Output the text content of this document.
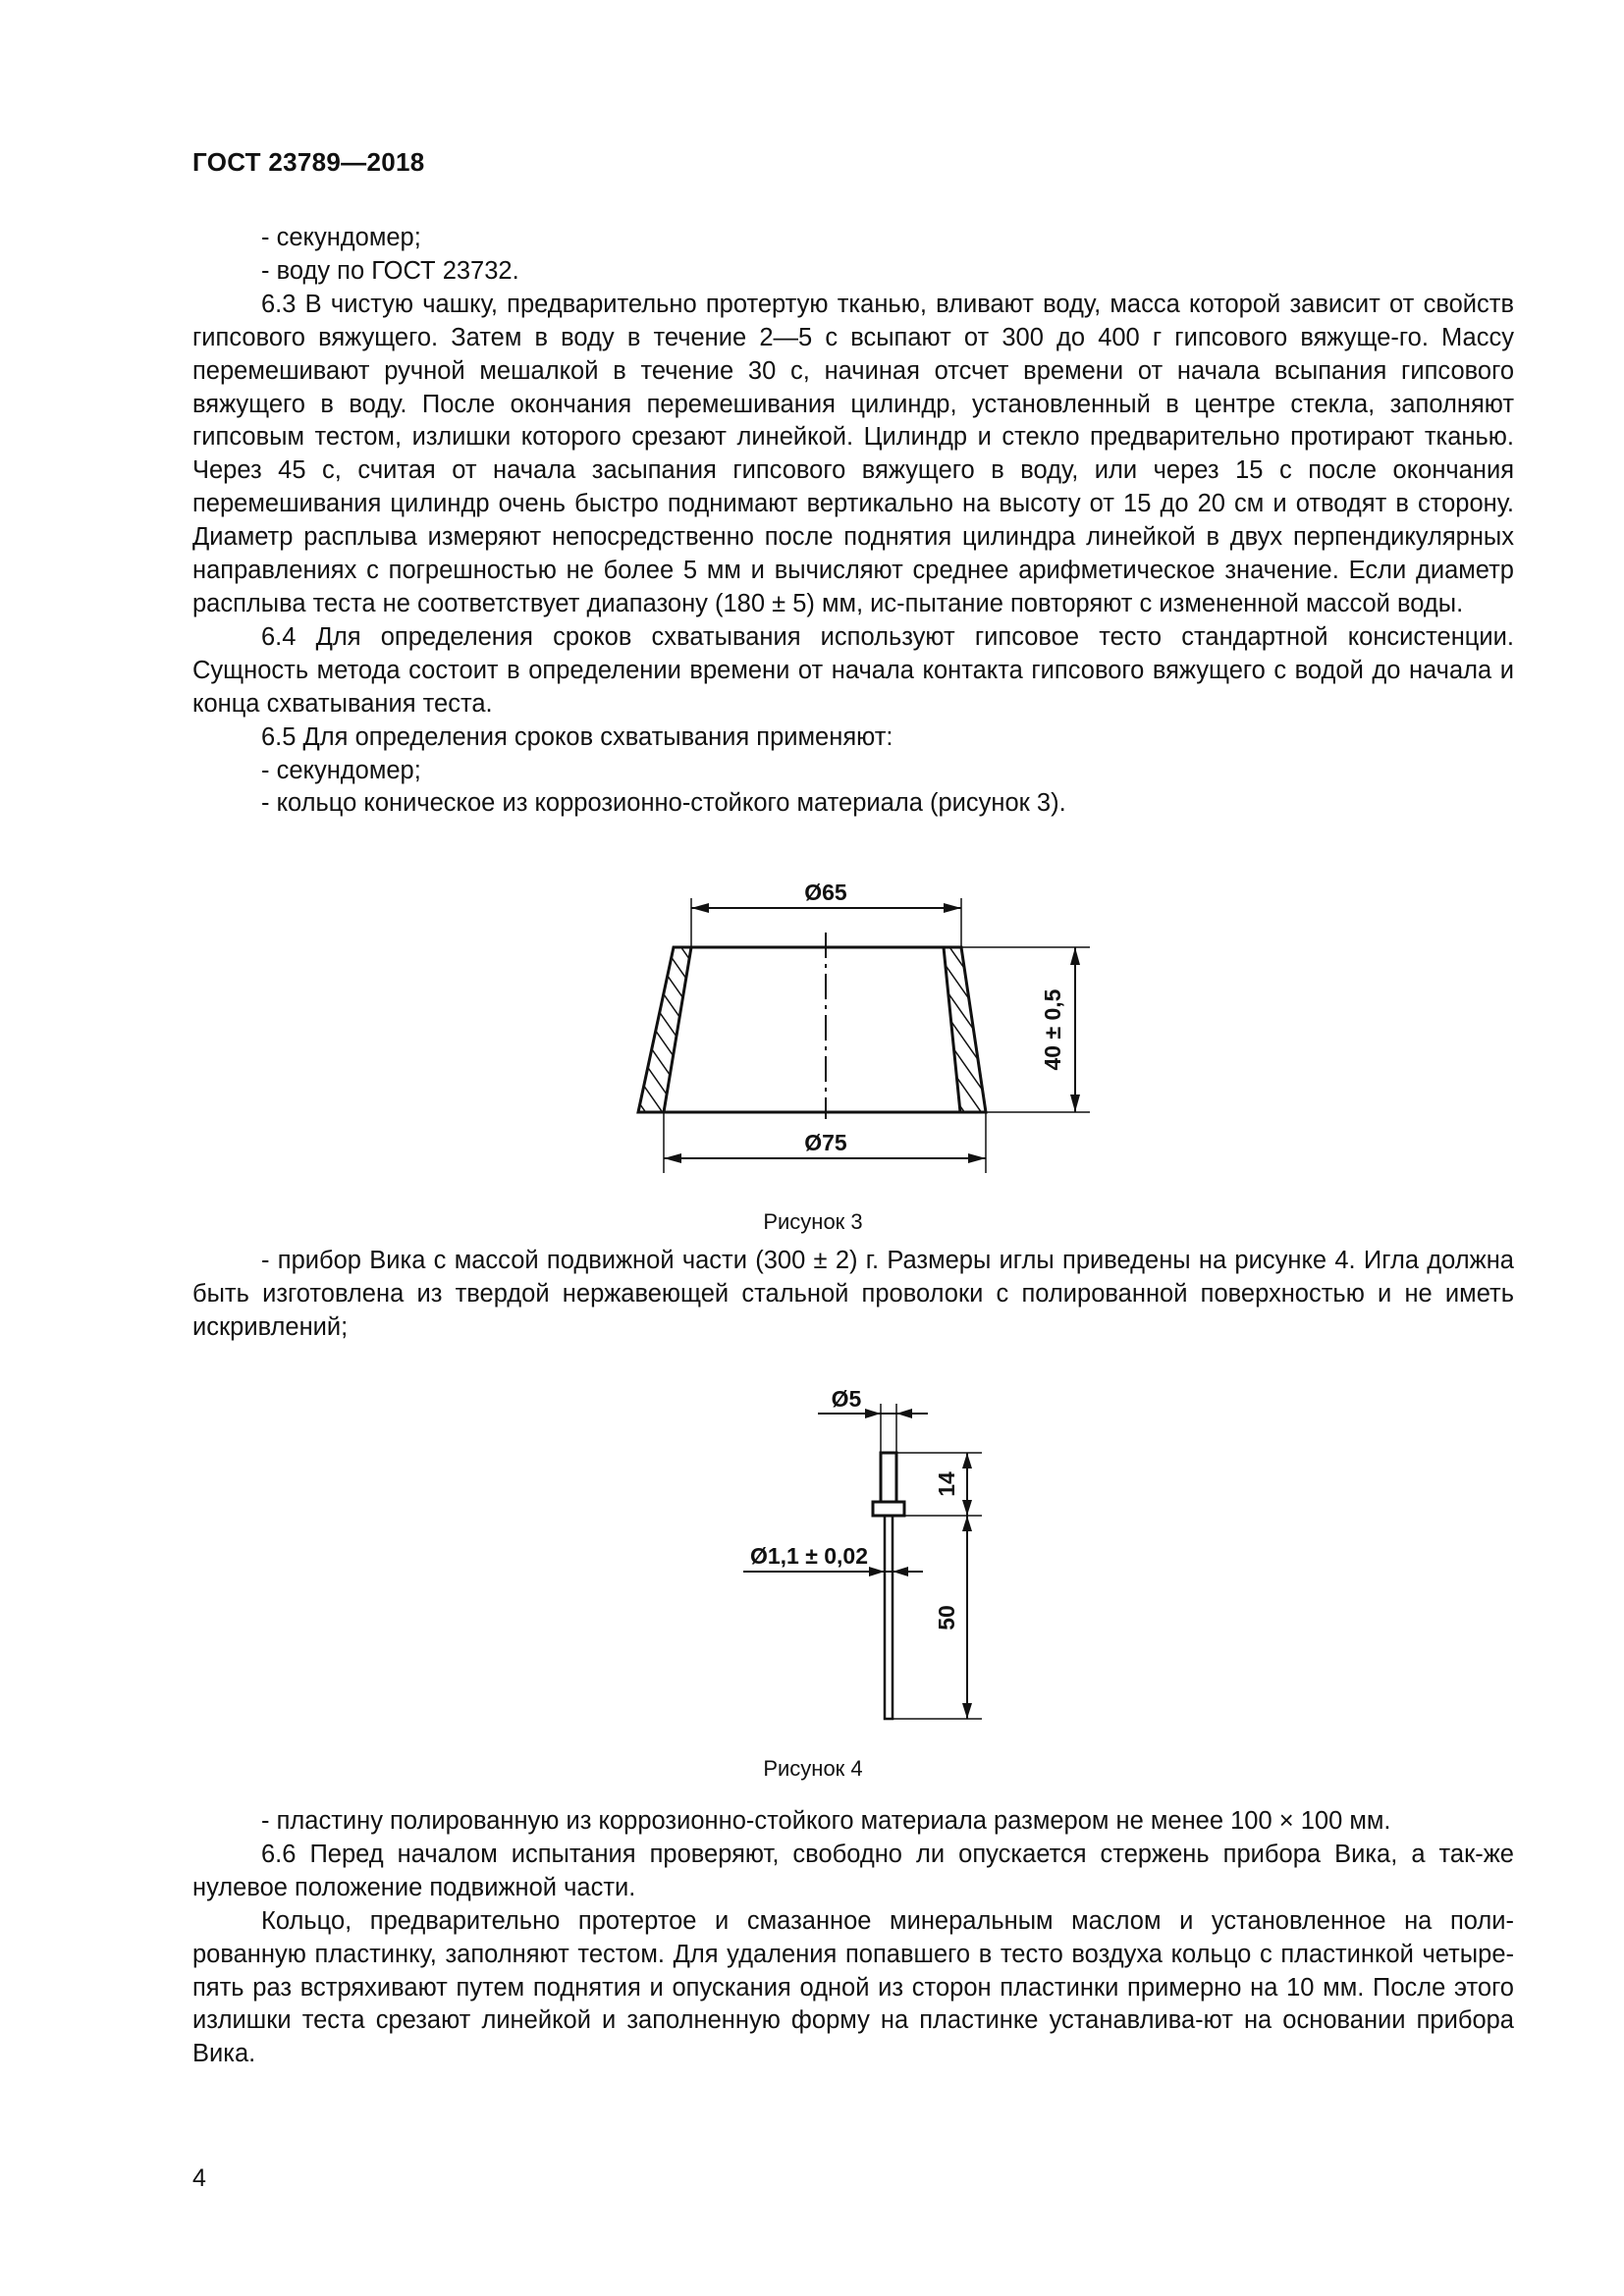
ГОСТ 23789—2018

- секундомер;

- воду по ГОСТ 23732.

6.3 В чистую чашку, предварительно протертую тканью, вливают воду, масса которой зависит от свойств гипсового вяжущего. Затем в воду в течение 2—5 с всыпают от 300 до 400 г гипсового вяжуще-го. Массу перемешивают ручной мешалкой в течение 30 с, начиная отсчет времени от начала всыпания гипсового вяжущего в воду. После окончания перемешивания цилиндр, установленный в центре стекла, заполняют гипсовым тестом, излишки которого срезают линейкой. Цилиндр и стекло предварительно протирают тканью. Через 45 с, считая от начала засыпания гипсового вяжущего в воду, или через 15 с после окончания перемешивания цилиндр очень быстро поднимают вертикально на высоту от 15 до 20 см и отводят в сторону. Диаметр расплыва измеряют непосредственно после поднятия цилиндра линейкой в двух перпендикулярных направлениях с погрешностью не более 5 мм и вычисляют среднее арифметическое значение. Если диаметр расплыва теста не соответствует диапазону (180 ± 5) мм, ис-пытание повторяют с измененной массой воды.

6.4 Для определения сроков схватывания используют гипсовое тесто стандартной консистенции. Сущность метода состоит в определении времени от начала контакта гипсового вяжущего с водой до начала и конца схватывания теста.

6.5 Для определения сроков схватывания применяют:

- секундомер;

- кольцо коническое из коррозионно-стойкого материала (рисунок 3).

Ø65
Ø75
40 ± 0,5
Рисунок 3

- прибор Вика с массой подвижной части (300 ± 2) г. Размеры иглы приведены на рисунке 4. Игла должна быть изготовлена из твердой нержавеющей стальной проволоки с полированной поверхностью и не иметь искривлений;

Ø5
Ø1,1 ± 0,02
14
50
Рисунок 4

- пластину полированную из коррозионно-стойкого материала размером не менее 100 × 100 мм.

6.6 Перед началом испытания проверяют, свободно ли опускается стержень прибора Вика, а так-же нулевое положение подвижной части.

Кольцо, предварительно протертое и смазанное минеральным маслом и установленное на поли-рованную пластинку, заполняют тестом. Для удаления попавшего в тесто воздуха кольцо с пластинкой четыре-пять раз встряхивают путем поднятия и опускания одной из сторон пластинки примерно на 10 мм. После этого излишки теста срезают линейкой и заполненную форму на пластинке устанавлива-ют на основании прибора Вика.

4
